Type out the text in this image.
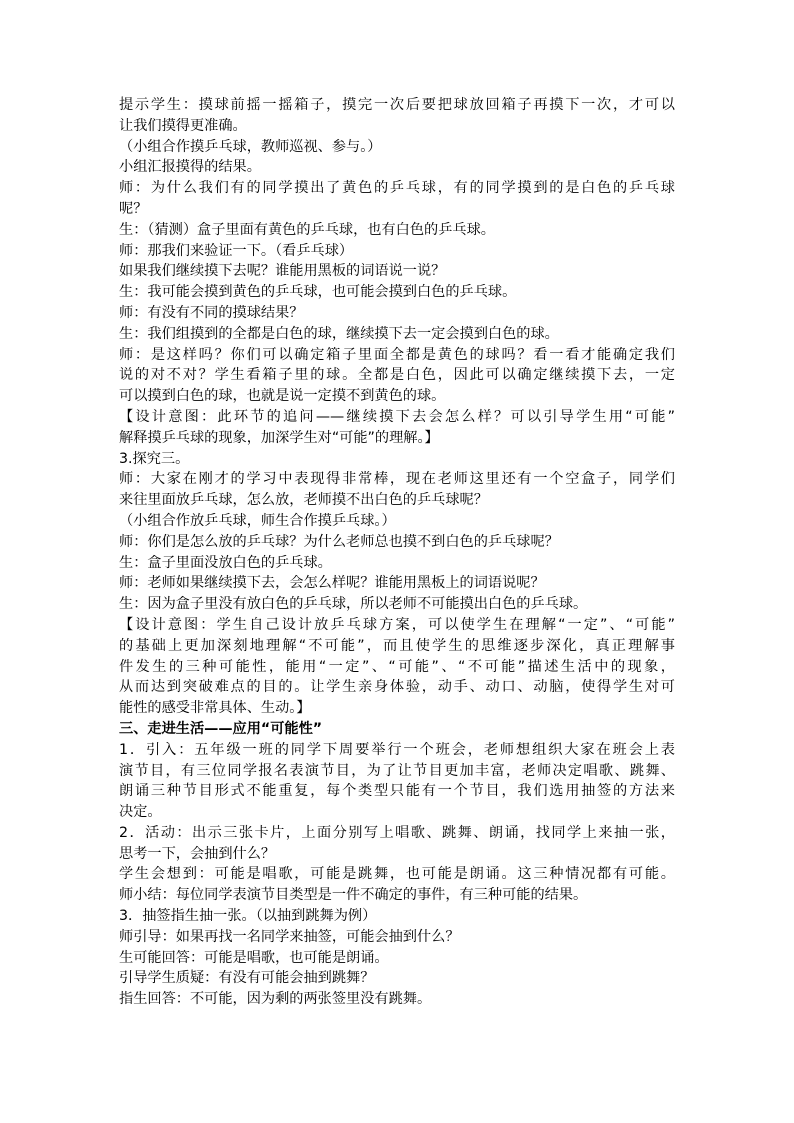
提示学生：摸球前摇一摇箱子，摸完一次后要把球放回箱子再摸下一次，才可以
让我们摸得更准确。
（小组合作摸乒乓球，教师巡视、参与。）
小组汇报摸得的结果。
师：为什么我们有的同学摸出了黄色的乒乓球，有的同学摸到的是白色的乒乓球
呢？
生：（猜测）盒子里面有黄色的乒乓球，也有白色的乒乓球。
师：那我们来验证一下。（看乒乓球）
如果我们继续摸下去呢？谁能用黑板的词语说一说？
生：我可能会摸到黄色的乒乓球，也可能会摸到白色的乒乓球。
师：有没有不同的摸球结果？
生：我们组摸到的全都是白色的球，继续摸下去一定会摸到白色的球。
师：是这样吗？你们可以确定箱子里面全都是黄色的球吗？看一看才能确定我们
说的对不对？学生看箱子里的球。全都是白色，因此可以确定继续摸下去，一定
可以摸到白色的球，也就是说一定摸不到黄色的球。
【设计意图：此环节的追问——继续摸下去会怎么样？可以引导学生用“可能”
解释摸乒乓球的现象，加深学生对“可能”的理解。】
3.探究三。
师：大家在刚才的学习中表现得非常棒，现在老师这里还有一个空盒子，同学们
来往里面放乒乓球，怎么放，老师摸不出白色的乒乓球呢？
（小组合作放乒乓球，师生合作摸乒乓球。）
师：你们是怎么放的乒乓球？为什么老师总也摸不到白色的乒乓球呢？
生：盒子里面没放白色的乒乓球。
师：老师如果继续摸下去，会怎么样呢？谁能用黑板上的词语说呢？
生：因为盒子里没有放白色的乒乓球，所以老师不可能摸出白色的乒乓球。
【设计意图：学生自己设计放乒乓球方案，可以使学生在理解“一定”、“可能”
的基础上更加深刻地理解“不可能”，而且使学生的思维逐步深化，真正理解事
件发生的三种可能性，能用“一定”、“可能”、“不可能”描述生活中的现象，
从而达到突破难点的目的。让学生亲身体验，动手、动口、动脑，使得学生对可
能性的感受非常具体、生动。】
三、走进生活——应用“可能性”
1．引入：五年级一班的同学下周要举行一个班会，老师想组织大家在班会上表
演节目，有三位同学报名表演节目，为了让节目更加丰富，老师决定唱歌、跳舞、
朗诵三种节目形式不能重复，每个类型只能有一个节目，我们选用抽签的方法来
决定。
2．活动：出示三张卡片，上面分别写上唱歌、跳舞、朗诵，找同学上来抽一张，
思考一下，会抽到什么？
学生会想到：可能是唱歌，可能是跳舞，也可能是朗诵。这三种情况都有可能。
师小结：每位同学表演节目类型是一件不确定的事件，有三种可能的结果。
3．抽签指生抽一张。（以抽到跳舞为例）
师引导：如果再找一名同学来抽签，可能会抽到什么？
生可能回答：可能是唱歌，也可能是朗诵。
引导学生质疑：有没有可能会抽到跳舞？
指生回答：不可能，因为剩的两张签里没有跳舞。
